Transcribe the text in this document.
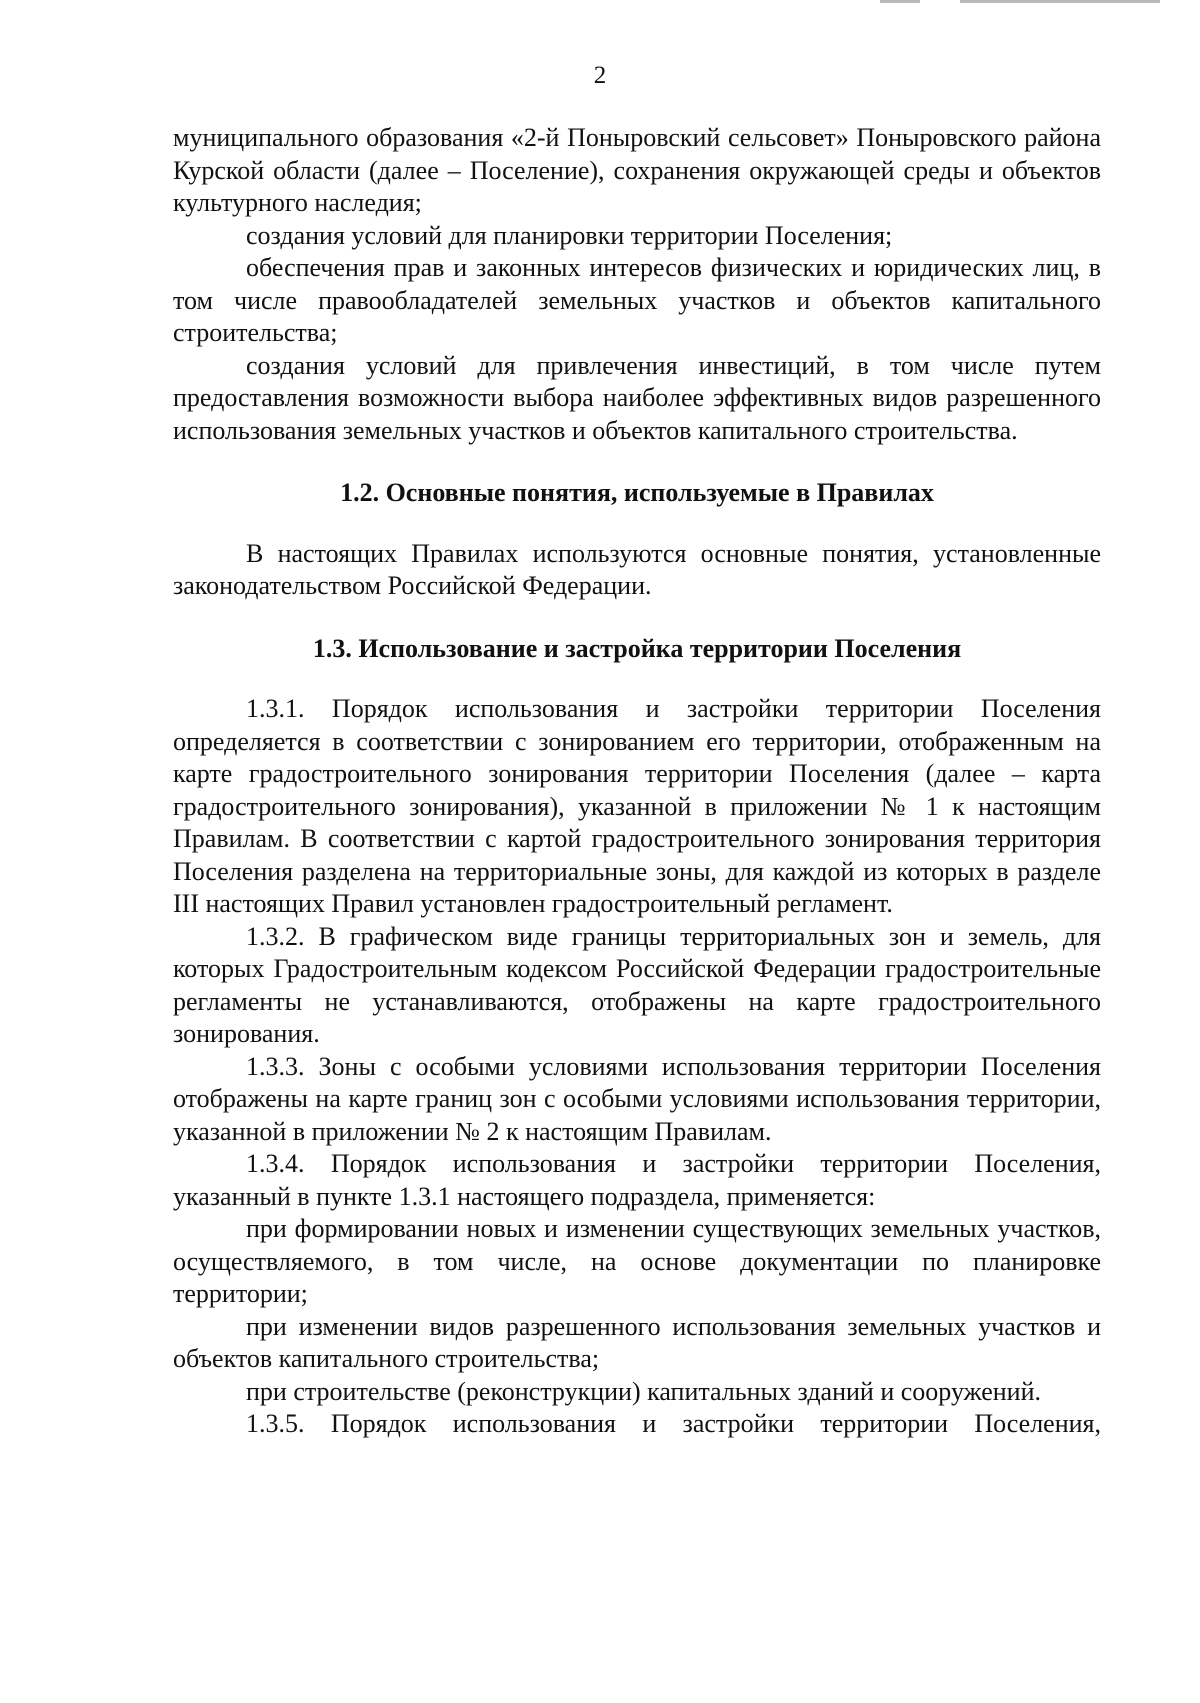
2

муниципального образования «2-й Поныровский сельсовет» Поныровского района Курской области (далее – Поселение), сохранения окружающей среды и объектов культурного наследия;

создания условий для планировки территории Поселения;

обеспечения прав и законных интересов физических и юридических лиц, в том числе правообладателей земельных участков и объектов капитального строительства;

создания условий для привлечения инвестиций, в том числе путем предоставления возможности выбора наиболее эффективных видов разрешенного использования земельных участков и объектов капитального строительства.

1.2. Основные понятия, используемые в Правилах

В настоящих Правилах используются основные понятия, установленные законодательством Российской Федерации.

1.3. Использование и застройка территории Поселения

1.3.1. Порядок использования и застройки территории Поселения определяется в соответствии с зонированием его территории, отображенным на карте градостроительного зонирования территории Поселения (далее – карта градостроительного зонирования), указанной в приложении № 1 к настоящим Правилам. В соответствии с картой градостроительного зонирования территория Поселения разделена на территориальные зоны, для каждой из которых в разделе III настоящих Правил установлен градостроительный регламент.

1.3.2. В графическом виде границы территориальных зон и земель, для которых Градостроительным кодексом Российской Федерации градостроительные регламенты не устанавливаются, отображены на карте градостроительного зонирования.

1.3.3. Зоны с особыми условиями использования территории Поселения отображены на карте границ зон с особыми условиями использования территории, указанной в приложении № 2 к настоящим Правилам.

1.3.4. Порядок использования и застройки территории Поселения, указанный в пункте 1.3.1 настоящего подраздела, применяется:

при формировании новых и изменении существующих земельных участков, осуществляемого, в том числе, на основе документации по планировке территории;

при изменении видов разрешенного использования земельных участков и объектов капитального строительства;

при строительстве (реконструкции) капитальных зданий и сооружений.

1.3.5. Порядок использования и застройки территории Поселения,
